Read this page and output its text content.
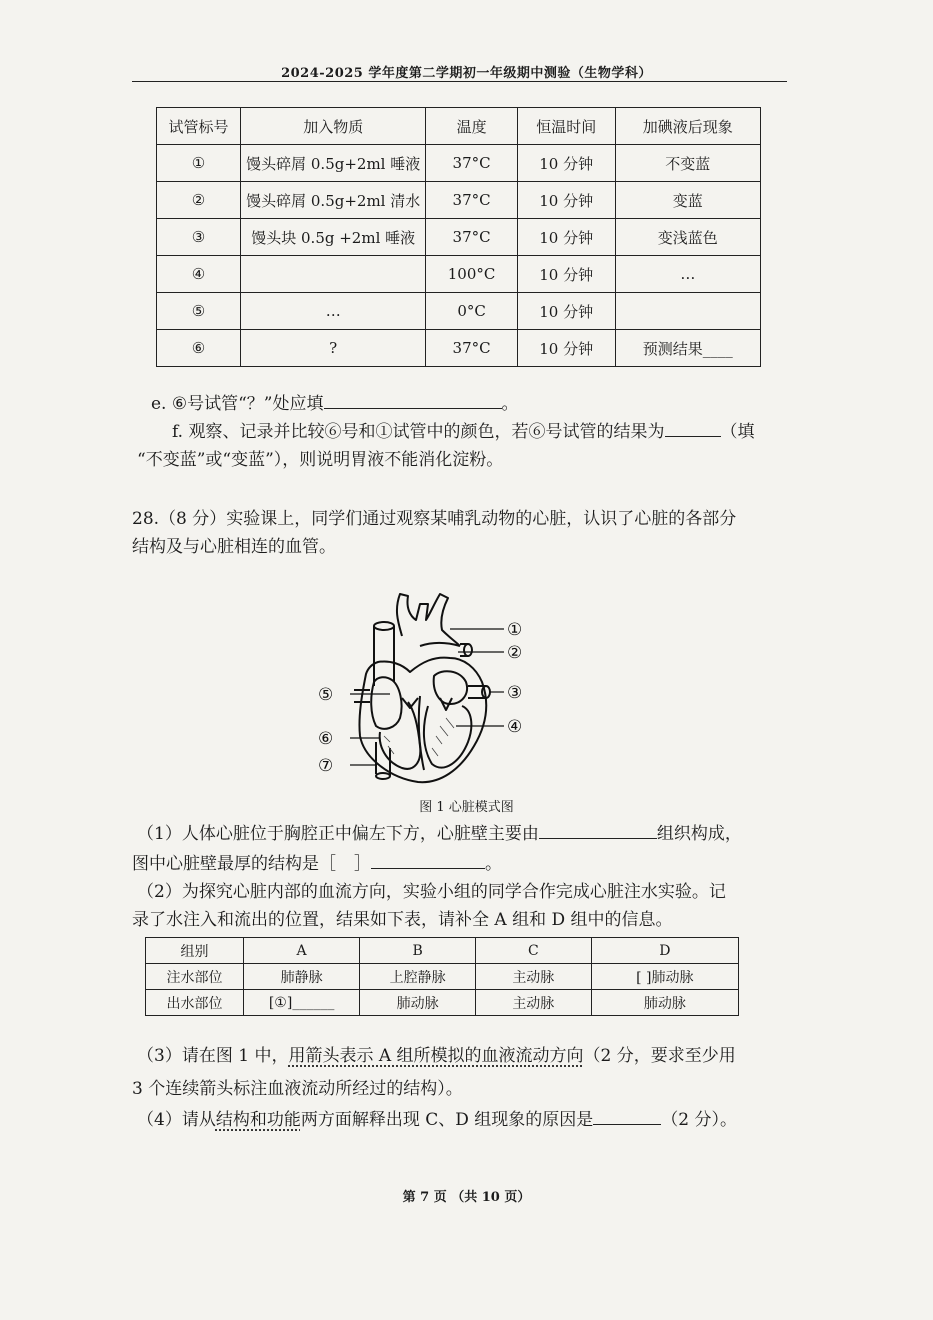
2024-2025 学年度第二学期初一年级期中测验（生物学科）
试管标号	加入物质	温度	恒温时间	加碘液后现象
①	馒头碎屑 0.5g+2ml 唾液	37°C	10 分钟	不变蓝
②	馒头碎屑 0.5g+2ml 清水	37°C	10 分钟	变蓝
③	馒头块 0.5g +2ml 唾液	37°C	10 分钟	变浅蓝色
④		100°C	10 分钟	…
⑤	…	0°C	10 分钟	
⑥	?	37°C	10 分钟	预测结果____
e. ⑥号试管“？”处应填	。
f. 观察、记录并比较⑥号和①试管中的颜色，若⑥号试管的结果为	（填
“不变蓝”或“变蓝”），则说明胃液不能消化淀粉。
28.（8 分）实验课上，同学们通过观察某哺乳动物的心脏，认识了心脏的各部分
结构及与心脏相连的血管。
①
②
③
④
⑤
⑥
⑦
图 1 心脏模式图
（1）人体心脏位于胸腔正中偏左下方，心脏壁主要由	组织构成，
图中心脏壁最厚的结构是［ ］	。
（2）为探究心脏内部的血流方向，实验小组的同学合作完成心脏注水实验。记
录了水注入和流出的位置，结果如下表，请补全 A 组和 D 组中的信息。
组别	A	B	C	D
注水部位	肺静脉	上腔静脉	主动脉	[ ]肺动脉
出水部位	[①]______	肺动脉	主动脉	肺动脉
（3）请在图 1 中，用箭头表示 A 组所模拟的血液流动方向（2 分，要求至少用
3 个连续箭头标注血液流动所经过的结构）。
（4）请从结构和功能两方面解释出现 C、D 组现象的原因是	（2 分）。
第 7 页 （共 10 页）
